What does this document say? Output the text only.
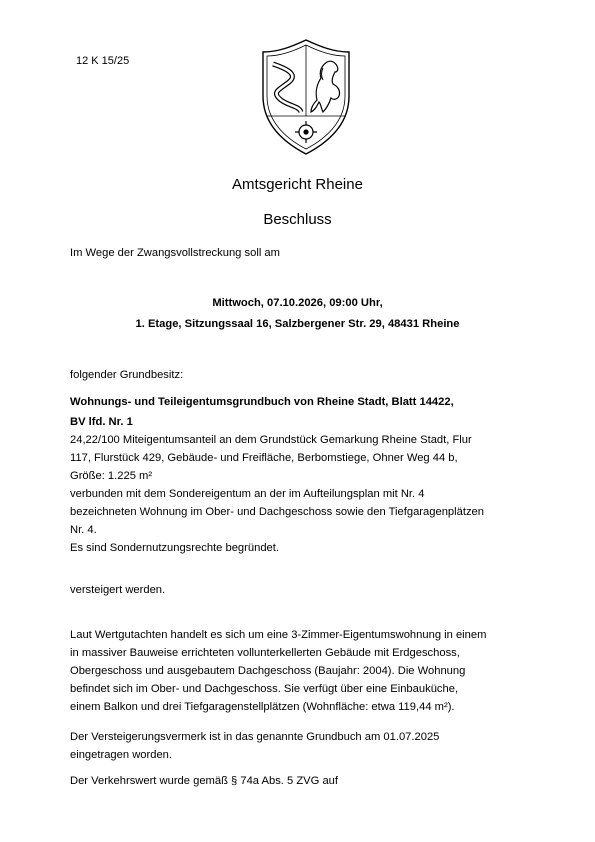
12 K 15/25
Amtsgericht Rheine
Beschluss
Im Wege der Zwangsvollstreckung soll am
Mittwoch, 07.10.2026, 09:00 Uhr,
1. Etage, Sitzungssaal 16, Salzbergener Str. 29, 48431 Rheine
folgender Grundbesitz:
Wohnungs- und Teileigentumsgrundbuch von Rheine Stadt, Blatt 14422,
BV lfd. Nr. 1
24,22/100 Miteigentumsanteil an dem Grundstück Gemarkung Rheine Stadt, Flur
117, Flurstück 429, Gebäude- und Freifläche, Berbomstiege, Ohner Weg 44 b,
Größe: 1.225 m²
verbunden mit dem Sondereigentum an der im Aufteilungsplan mit Nr. 4
bezeichneten Wohnung im Ober- und Dachgeschoss sowie den Tiefgaragenplätzen
Nr. 4.
Es sind Sondernutzungsrechte begründet.
versteigert werden.
Laut Wertgutachten handelt es sich um eine 3-Zimmer-Eigentumswohnung in einem
in massiver Bauweise errichteten vollunterkellerten Gebäude mit Erdgeschoss,
Obergeschoss und ausgebautem Dachgeschoss (Baujahr: 2004). Die Wohnung
befindet sich im Ober- und Dachgeschoss. Sie verfügt über eine Einbauküche,
einem Balkon und drei Tiefgaragenstellplätzen (Wohnfläche: etwa 119,44 m²).
Der Versteigerungsvermerk ist in das genannte Grundbuch am 01.07.2025
eingetragen worden.
Der Verkehrswert wurde gemäß § 74a Abs. 5 ZVG auf
